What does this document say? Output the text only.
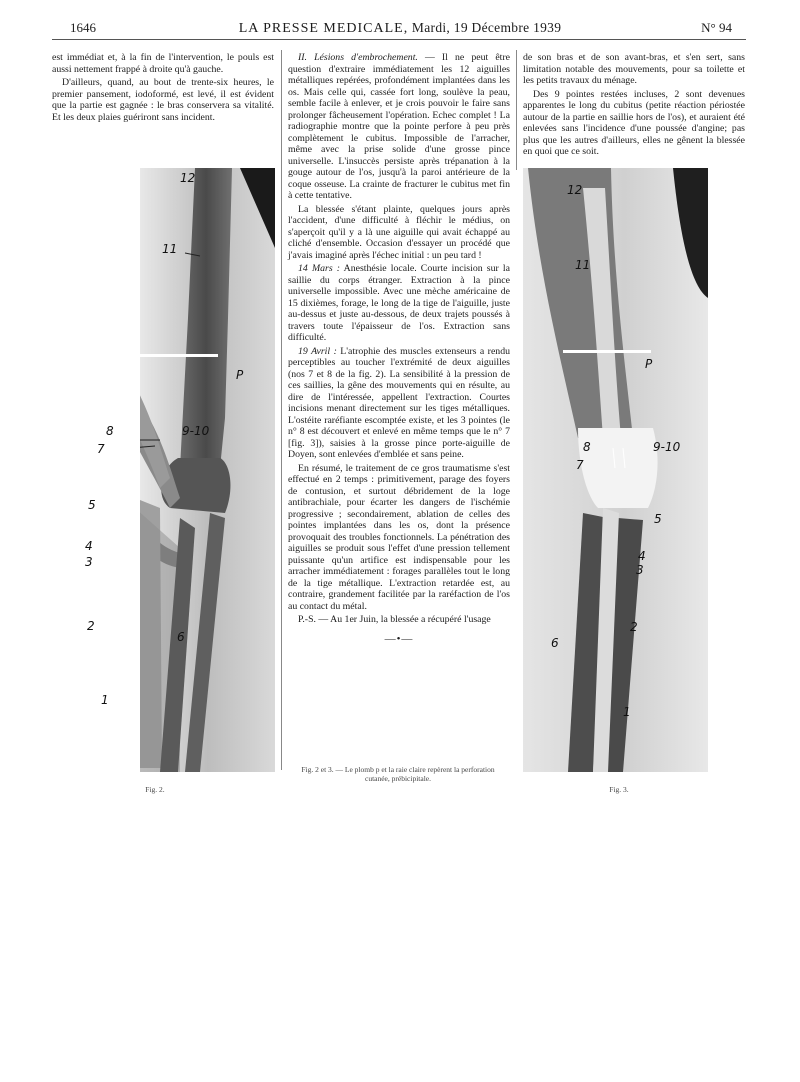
1646	LA PRESSE MEDICALE, Mardi, 19 Décembre 1939	N° 94

est immédiat et, à la fin de l'intervention, le pouls est aussi nettement frappé à droite qu'à gauche.

D'ailleurs, quand, au bout de trente-six heures, le premier pansement, iodoformé, est levé, il est évident que la partie est gagnée : le bras conservera sa vitalité. Et les deux plaies guériront sans incident.

II. Lésions d'embrochement. — Il ne peut être question d'extraire immédiatement les 12 aiguilles métalliques repérées, profondément implantées dans les os. Mais celle qui, cassée fort long, soulève la peau, semble facile à enlever, et je crois pouvoir le faire sans prolonger fâcheusement l'opération. Echec complet ! La radiographie montre que la pointe perfore à peu près complètement le cubitus. Impossible de l'arracher, même avec la prise solide d'une grosse pince universelle. L'insuccès persiste après trépanation à la gouge autour de l'os, jusqu'à la paroi antérieure de la coque osseuse. La crainte de fracturer le cubitus met fin à cette tentative.

La blessée s'étant plainte, quelques jours après l'accident, d'une difficulté à fléchir le médius, on s'aperçoit qu'il y a là une aiguille qui avait échappé au cliché d'ensemble. Occasion d'essayer un procédé que j'avais imaginé après l'échec initial : un peu tard !

14 Mars : Anesthésie locale. Courte incision sur la saillie du corps étranger. Extraction à la pince universelle impossible. Avec une mèche américaine de 15 dixièmes, forage, le long de la tige de l'aiguille, juste au-dessus et juste au-dessous, de deux trajets poussés à travers toute l'épaisseur de l'os. Extraction sans difficulté.

19 Avril : L'atrophie des muscles extenseurs a rendu perceptibles au toucher l'extrémité de deux aiguilles (nos 7 et 8 de la fig. 2). La sensibilité à la pression de ces saillies, la gêne des mouvements qui en résulte, au dire de l'intéressée, appellent l'extraction. Courtes incisions menant directement sur les tiges métalliques. L'ostéite raréfiante escomptée existe, et les 3 pointes (le n° 8 est découvert et enlevé en même temps que le n° 7 [fig. 3]), saisies à la grosse pince porte-aiguille de Doyen, sont enlevées d'emblée et sans peine.

En résumé, le traitement de ce gros traumatisme s'est effectué en 2 temps : primitivement, parage des foyers de contusion, et surtout débridement de la loge antibrachiale, pour écarter les dangers de l'ischémie progressive ; secondairement, ablation de celles des pointes implantées dans les os, dont la présence provoquait des troubles fonctionnels. La pénétration des aiguilles se produit sous l'effet d'une pression tellement puissante qu'un artifice est indispensable pour les arracher immédiatement : forages parallèles tout le long de la tige métallique. L'extraction retardée est, au contraire, grandement facilitée par la raréfaction de l'os au contact du métal.

P.-S. — Au 1er Juin, la blessée a récupéré l'usage

—•—

de son bras et de son avant-bras, et s'en sert, sans limitation notable des mouvements, pour sa toilette et les petits travaux du ménage.

Des 9 pointes restées incluses, 2 sont devenues apparentes le long du cubitus (petite réaction périostée autour de la partie en saillie hors de l'os), et auraient été enlevées sans l'incidence d'une poussée d'angine; pas plus que les autres d'ailleurs, elles ne gênent la blessée en quoi que ce soit.

12
11
P
9-10
8
7
5
4
3
2
6
1
12
11
P
8	9-10
7
5
4
3
2
6
1
Fig. 2.	Fig. 3.
Fig. 2 et 3. — Le plomb p et la raie claire repèrent la perforation cutanée, prébicipitale.
